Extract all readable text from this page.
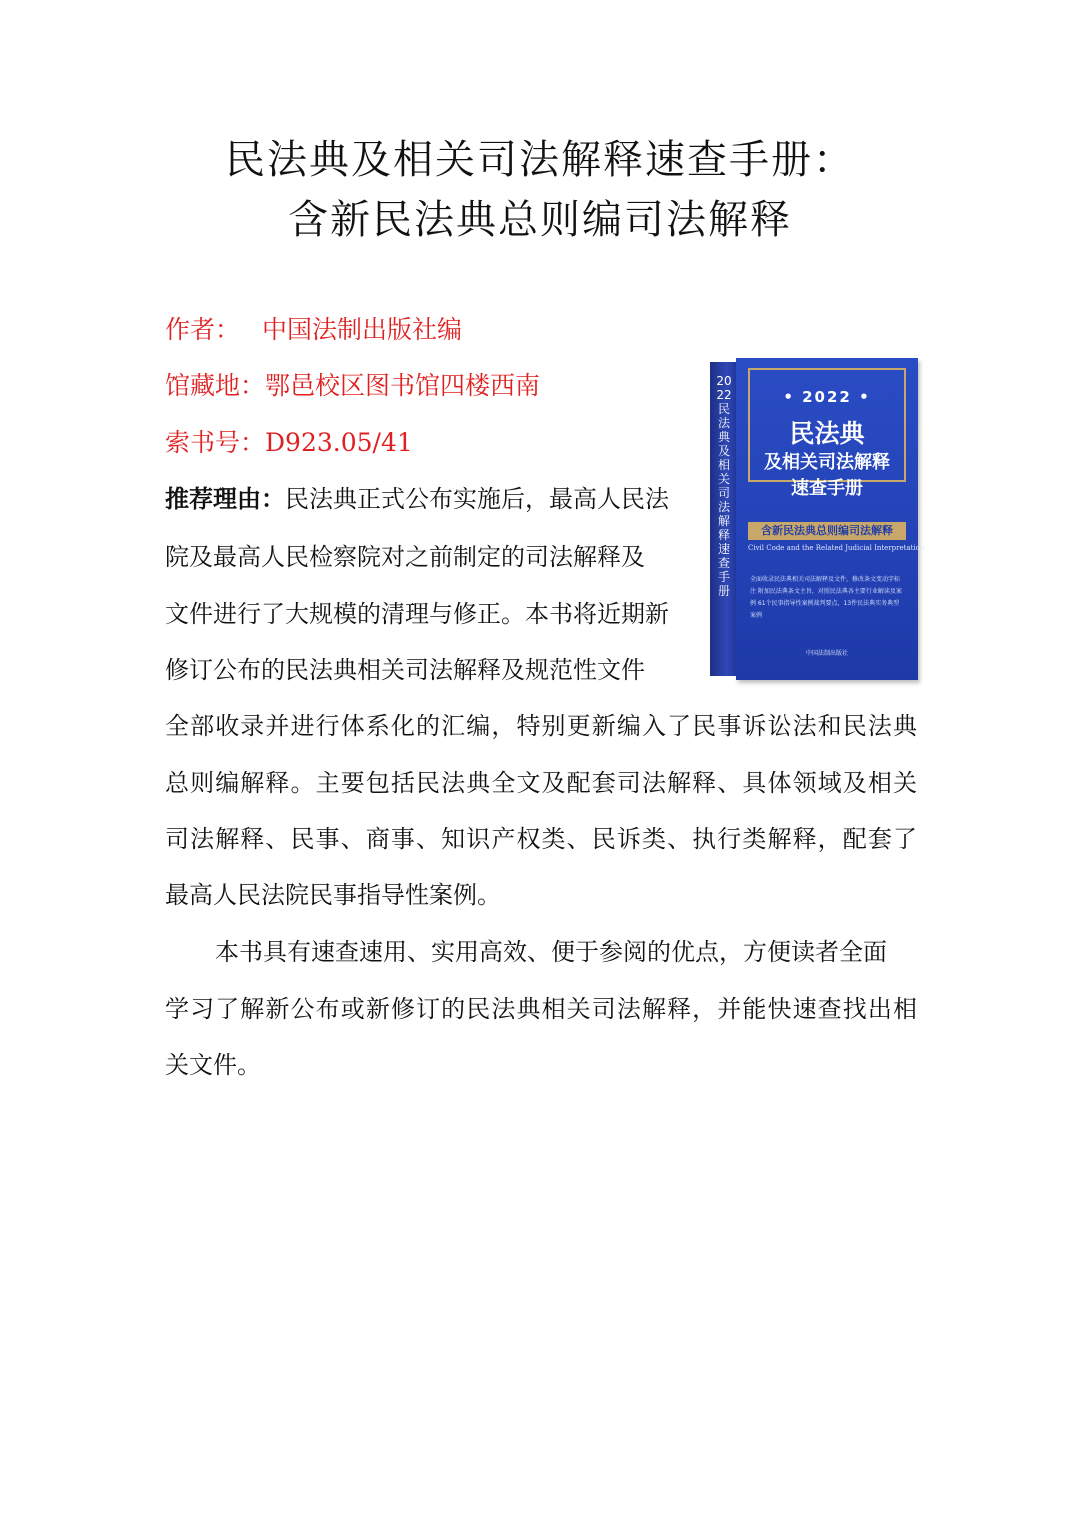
民法典及相关司法解释速查手册：
含新民法典总则编司法解释
作者： 中国法制出版社编
馆藏地：鄂邑校区图书馆四楼西南
索书号：D923.05/41
推荐理由：民法典正式公布实施后，最高人民法
院及最高人民检察院对之前制定的司法解释及
文件进行了大规模的清理与修正。本书将近期新
修订公布的民法典相关司法解释及规范性文件
全部收录并进行体系化的汇编，特别更新编入了民事诉讼法和民法典
总则编解释。主要包括民法典全文及配套司法解释、具体领域及相关
司法解释、民事、商事、知识产权类、民诉类、执行类解释，配套了
最高人民法院民事指导性案例。
本书具有速查速用、实用高效、便于参阅的优点，方便读者全面
学习了解新公布或新修订的民法典相关司法解释，并能快速查找出相
关文件。
2022民法典及相关司法解释速查手册
• 2022 •
民法典
及相关司法解释
速查手册
含新民法典总则编司法解释
Civil Code and the Related Judicial Interpretation
全面收录民法典相关司法解释及文件，修改条文变动字标注 附加民法典条文主旨，对照民法典各主要行业解读及案例 61个民事指导性案例裁判要点，13件民法典实务典型案例
中国法制出版社
